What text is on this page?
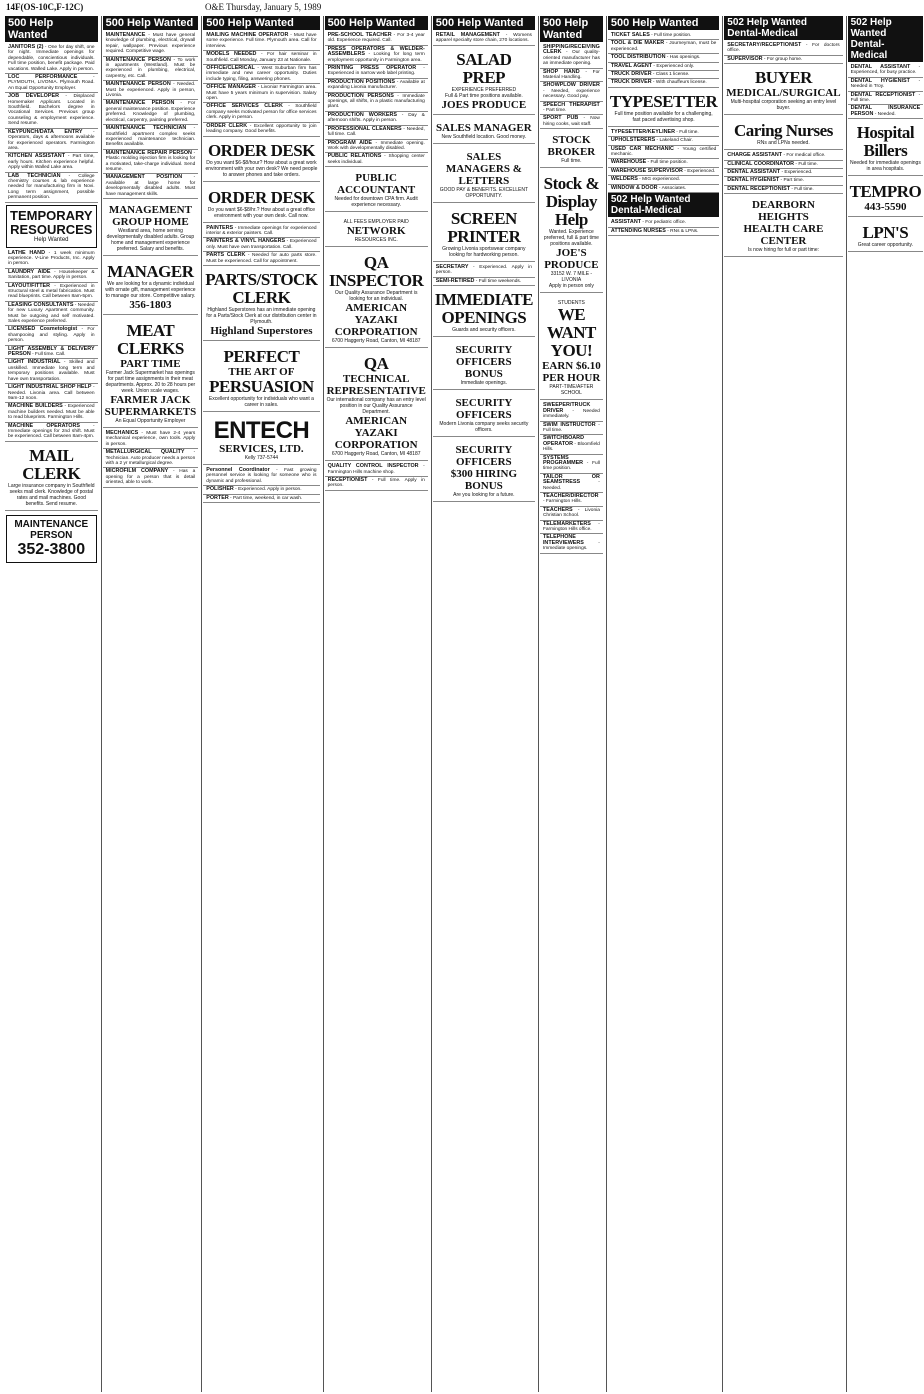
14F(OS-10C,F-12C)	O&E Thursday, January 5, 1989
500 Help Wanted
JANITORS (2) - One for day shift, one for night. Immediate openings for dependable, conscientious individuals. Full time position, benefit package. Paid vacations. Walled Lake. Apply in person.
LOC PERFORMANCE - PLYMOUTH, LIVONIA. Plymouth Road. An Equal Opportunity Employer.
JOB DEVELOPER - Displaced Homemaker Applicant. Located in Southfield. Bachelors degree in Vocational Services. Previous group counseling & employment experience. Send resume.
KEYPUNCH/DATA ENTRY - Operators, days & afternoons available for experienced operators. Farmington area.
KITCHEN ASSISTANT - Part time, early hours. Kitchen experience helpful. Apply within Walled Lake area.
LAB TECHNICIAN - College chemistry courses & lab experience needed for manufacturing firm in Novi. Long term assignment, possible permanent position.
TEMPORARY
RESOURCES
Help Wanted
LATHE HAND - 1 week minimum experience. V-Line Products, Inc. Apply in person.
LAUNDRY AIDE - Housekeeper & Sanitation, part time. Apply in person.
LAYOUT/FITTER - Experienced in structural steel & metal fabrication. Must read blueprints. Call between 8am-5pm.
LEASING CONSULTANTS - Needed for new Luxury Apartment community. Must be outgoing and self motivated. Sales experience preferred.
LICENSED Cosmetologist - For shampooing and styling. Apply in person.
LIGHT ASSEMBLY & DELIVERY PERSON - Full time. Call.
LIGHT INDUSTRIAL - Skilled and unskilled. Immediate long term and temporary positions available. Must have own transportation.
LIGHT INDUSTRIAL SHOP HELP - Needed. Livonia area. Call between 9am-12 noon.
MACHINE BUILDERS - Experienced machine builders needed. Must be able to read blueprints. Farmington Hills.
MACHINE OPERATORS - Immediate openings for 2nd shift. Must be experienced. Call between 8am-4pm.
MAIL CLERK
Large insurance company in Southfield seeks mail clerk. Knowledge of postal rates and mail machines. Good benefits. Send resume.
MAINTENANCE
PERSON
352-3800
500 Help Wanted
MAINTENANCE - Must have general knowledge of plumbing, electrical, drywall repair, wallpaper. Previous experience required. Competitive wage.
MAINTENANCE PERSON - To work in apartments (Westland). Must be experienced in plumbing, electrical, carpentry, etc. Call.
MAINTENANCE PERSON - Needed. Must be experienced. Apply in person, Livonia.
MAINTENANCE PERSON - For general maintenance position. Experience preferred. Knowledge of plumbing, electrical, carpentry, painting preferred.
MAINTENANCE TECHNICIAN - Southfield apartment complex seeks experienced maintenance technician. Benefits available.
MAINTENANCE REPAIR PERSON - Plastic molding injection firm is looking for a motivated, take-charge individual. Send resume.
MANAGEMENT POSITION - Available at large home for developmentally disabled adults. Must have management skills.
MANAGEMENT
GROUP HOME
Westland area, home serving developmentally disabled adults. Group home and management experience preferred. Salary and benefits.
MANAGER
We are looking for a dynamic individual with ornate gift, management experience to manage our store. Competitive salary.
356-1803
MEAT CLERKS
PART TIME
Farmer Jack Supermarket has openings for part time assignments in their meat departments. Approx. 20 to 28 hours per week. Union scale wages.
FARMER JACK SUPERMARKETS
An Equal Opportunity Employer
MECHANICS - Must have 2-4 years mechanical experience, own tools. Apply in person.
METALLURGICAL QUALITY - Technician. Auto producer needs a person with a 2 yr metallurgical degree.
MICROFILM COMPANY - Has a opening for a person that is detail oriented, able to work.
500 Help Wanted
MAILING MACHINE OPERATOR - Must have some experience. Full time. Plymouth area. Call for interview.
MODELS NEEDED - For hair seminar in Southfield. Call Monday, January 23 at Nationale.
OFFICE/CLERICAL - West Suburban firm has immediate and new career opportunity. Duties include typing, filing, answering phones.
OFFICE MANAGER - Livonia! Farmington area. Must have 5 years minimum in supervision. Salary open.
OFFICE SERVICES CLERK - Southfield company seeks motivated person for office services clerk. Apply in person.
ORDER CLERK - Excellent opportunity to join leading company. Good benefits.
ORDER DESK
Do you want $6-$8/hour? How about a great work environment with your own desk? We need people to answer phones and take orders.
ORDER DESK
Do you want $6-$8/hr.? How about a great office environment with your own desk. Call now.
PAINTERS - Immediate openings for experienced interior & exterior painters. Call.
PAINTERS & VINYL HANGERS - Experienced only. Must have own transportation. Call.
PARTS CLERK - Needed for auto parts store. Must be experienced. Call for appointment.
PARTS/STOCK
CLERK
Highland Superstores has an immediate opening for a Parts/Stock Clerk at our distribution center in Plymouth.
Highland Superstores
PERFECT
THE ART OF
PERSUASION
Excellent opportunity for individuals who want a career in sales.
ENTECH
SERVICES, LTD.
Kelly 737-5744
Personnel Coordinator - Fast growing personnel service is looking for someone who is dynamic and professional.
POLISHER - Experienced. Apply in person.
PORTER - Part time, weekend, in car wash.
500 Help Wanted
PRE-SCHOOL TEACHER - For 3-4 year old. Experience required. Call.
PRESS OPERATORS & WELDER-ASSEMBLERS - Looking for long term employment opportunity in Farmington area.
PRINTING PRESS OPERATOR - Experienced in narrow web label printing.
PRODUCTION POSITIONS - Available at expanding Livonia manufacturer.
PRODUCTION PERSONS - Immediate openings, all shifts, in a plastic manufacturing plant.
PRODUCTION WORKERS - Day & afternoon shifts. Apply in person.
PROFESSIONAL CLEANERS - Needed, full time. Call.
PROGRAM AIDE - Immediate opening. Work with developmentally disabled.
PUBLIC RELATIONS - Shopping center seeks individual.
PUBLIC ACCOUNTANT
Needed for downtown CPA firm. Audit experience necessary.
ALL FEES EMPLOYER PAID
NETWORK
RESOURCES INC.
QA
INSPECTOR
Our Quality Assurance Department is looking for an individual.
AMERICAN YAZAKI CORPORATION
6700 Haggerty Road, Canton, MI 48187
QA
TECHNICAL
REPRESENTATIVE
Our international company has an entry level position in our Quality Assurance Department.
AMERICAN YAZAKI CORPORATION
6700 Haggerty Road, Canton, MI 48187
QUALITY CONTROL INSPECTOR - Farmington Hills machine shop.
RECEPTIONIST - Full time. Apply in person.
500 Help Wanted
RETAIL MANAGEMENT - Womens apparel specialty store chain, 270 locations.
SALAD PREP
EXPERIENCE PREFERRED
Full & Part time positions available.
JOES PRODUCE
SALES MANAGER
New Southfield location. Good money.
SALES MANAGERS & LETTERS
GOOD PAY & BENEFITS. EXCELLENT OPPORTUNITY.
SCREEN PRINTER
Growing Livonia sportswear company looking for hardworking person.
SECRETARY - Experienced. Apply in person.
SEMI-RETIRED - Full time weekends.
IMMEDIATE
OPENINGS
Guards and security officers.
SECURITY OFFICERS
BONUS
Immediate openings.
SECURITY
OFFICERS
Modern Livonia company seeks security officers.
SECURITY OFFICERS
$300 HIRING BONUS
Are you looking for a future.
500 Help Wanted
SHIPPING/RECEIVING CLERK - Our quality-oriented manufacturer has an immediate opening.
SHOP HAND - For Material Handling.
SHOWPLOW DRIVER - Needed, experience necessary. Good pay.
SPEECH THERAPIST - Part time.
SPORT PUB - Now hiring cooks, wait staff.
STOCK BROKER
Full time.
Stock &
Display Help
Wanted. Experience preferred, full & part time positions available.
JOE'S PRODUCE
33152 W. 7 MILE - LIVONIA
Apply in person only
STUDENTS
WE WANT YOU!
EARN $6.10 PER HOUR
PART-TIME/AFTER SCHOOL
SWEEPER/TRUCK DRIVER - Needed immediately.
SWIM INSTRUCTOR - Full time.
SWITCHBOARD OPERATOR - Bloomfield Hills.
SYSTEMS PROGRAMMER - Full time position.
TAILOR OR SEAMSTRESS - Needed.
TEACHER/DIRECTOR - Farmington Hills.
TEACHERS - Livonia Christian School.
TELEMARKETERS - Farmington Hills office.
TELEPHONE INTERVIEWERS - Immediate openings.
500 Help Wanted
TICKET SALES - Full time position.
TOOL & DIE MAKER - Journeyman, must be experienced.
TOOL DISTRIBUTION - Has openings.
TRAVEL AGENT - Experienced only.
TRUCK DRIVER - Class 1 license.
TRUCK DRIVER - With chauffeurs license.
TYPESETTER
Full time position available for a challenging, fast paced advertising shop.
TYPESETTER/KEYLINER - Full time.
UPHOLSTERERS - Lakeland Chair.
USED CAR MECHANIC - Young certified mechanic.
WAREHOUSE - Full time position.
WAREHOUSE SUPERVISOR - Experienced.
WELDERS - MIG experienced.
WINDOW & DOOR - Associates.
502 Help Wanted Dental-Medical
ASSISTANT - For pediatric office.
ATTENDING NURSES - RNs & LPNs.
502 Help Wanted Dental-Medical
SECRETARY/RECEPTIONIST - For doctors office.
SUPERVISOR - For group home.
BUYER
MEDICAL/SURGICAL
Multi-hospital corporation seeking an entry level buyer.
Caring Nurses
RNs and LPNs needed.
CHARGE ASSISTANT - For medical office.
CLINICAL COORDINATOR - Full time.
DENTAL ASSISTANT - Experienced.
DENTAL HYGIENIST - Part time.
DENTAL RECEPTIONIST - Full time.
DEARBORN HEIGHTS
HEALTH CARE CENTER
Is now hiring for full or part time:
502 Help Wanted Dental-Medical
DENTAL ASSISTANT - Experienced, for busy practice.
DENTAL HYGIENIST - Needed in Troy.
DENTAL RECEPTIONIST - Full time.
DENTAL INSURANCE PERSON - Needed.
Hospital Billers
Needed for immediate openings in area hospitals.
TEMPRO
443-5590
LPN'S
Great career opportunity.
